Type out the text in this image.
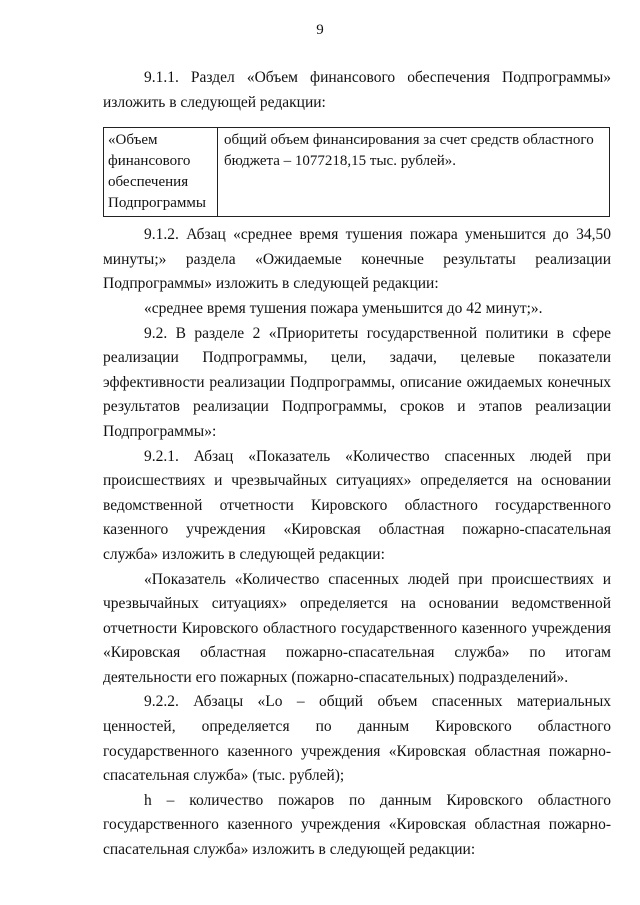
9

9.1.1. Раздел «Объем финансового обеспечения Подпрограммы» изложить в следующей редакции:

«Объем финансового обеспечения Подпрограммы	общий объем финансирования за счет средств областного бюджета – 1077218,15 тыс. рублей».

9.1.2. Абзац «среднее время тушения пожара уменьшится до 34,50 минуты;» раздела «Ожидаемые конечные результаты реализации Подпрограммы» изложить в следующей редакции:

«среднее время тушения пожара уменьшится до 42 минут;».

9.2. В разделе 2 «Приоритеты государственной политики в сфере реализации Подпрограммы, цели, задачи, целевые показатели эффективности реализации Подпрограммы, описание ожидаемых конечных результатов реализации Подпрограммы, сроков и этапов реализации Подпрограммы»:

9.2.1. Абзац «Показатель «Количество спасенных людей при происшествиях и чрезвычайных ситуациях» определяется на основании ведомственной отчетности Кировского областного государственного казенного учреждения «Кировская областная пожарно-спасательная служба» изложить в следующей редакции:

«Показатель «Количество спасенных людей при происшествиях и чрезвычайных ситуациях» определяется на основании ведомственной отчетности Кировского областного государственного казенного учреждения «Кировская областная пожарно-спасательная служба» по итогам деятельности его пожарных (пожарно-спасательных) подразделений».

9.2.2. Абзацы «Lo – общий объем спасенных материальных ценностей, определяется по данным Кировского областного государственного казенного учреждения «Кировская областная пожарно-спасательная служба» (тыс. рублей);

h – количество пожаров по данным Кировского областного государственного казенного учреждения «Кировская областная пожарно-спасательная служба» изложить в следующей редакции:
